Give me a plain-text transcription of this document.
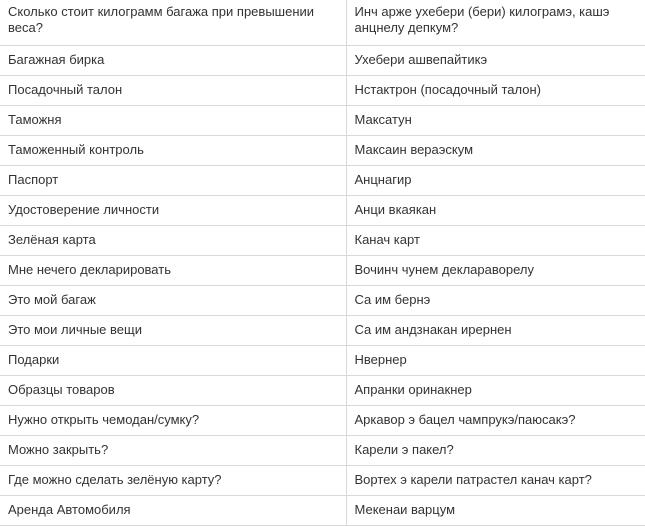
Сколько стоит килограмм багажа при превышении веса?	Инч арже ухебери (бери) килограмэ, кашэ анцнелу депкум?
Багажная бирка	Ухебери ашвепайтикэ
Посадочный талон	Нстактрон (посадочный талон)
Таможня	Максатун
Таможенный контроль	Максаин вераэскум
Паспорт	Анцнагир
Удостоверение личности	Анци вкаякан
Зелёная карта	Канач карт
Мне нечего декларировать	Вочинч чунем деклараворелу
Это мой багаж	Са им бернэ
Это мои личные вещи	Са им андзнакан ирернен
Подарки	Нвернер
Образцы товаров	Апранки оринакнер
Нужно открыть чемодан/сумку?	Аркавор э бацел чампрукэ/паюсакэ?
Можно закрыть?	Карели э пакел?
Где можно сделать зелёную карту?	Вортех э карели патрастел канач карт?
Аренда Автомобиля	Мекенаи варцум
